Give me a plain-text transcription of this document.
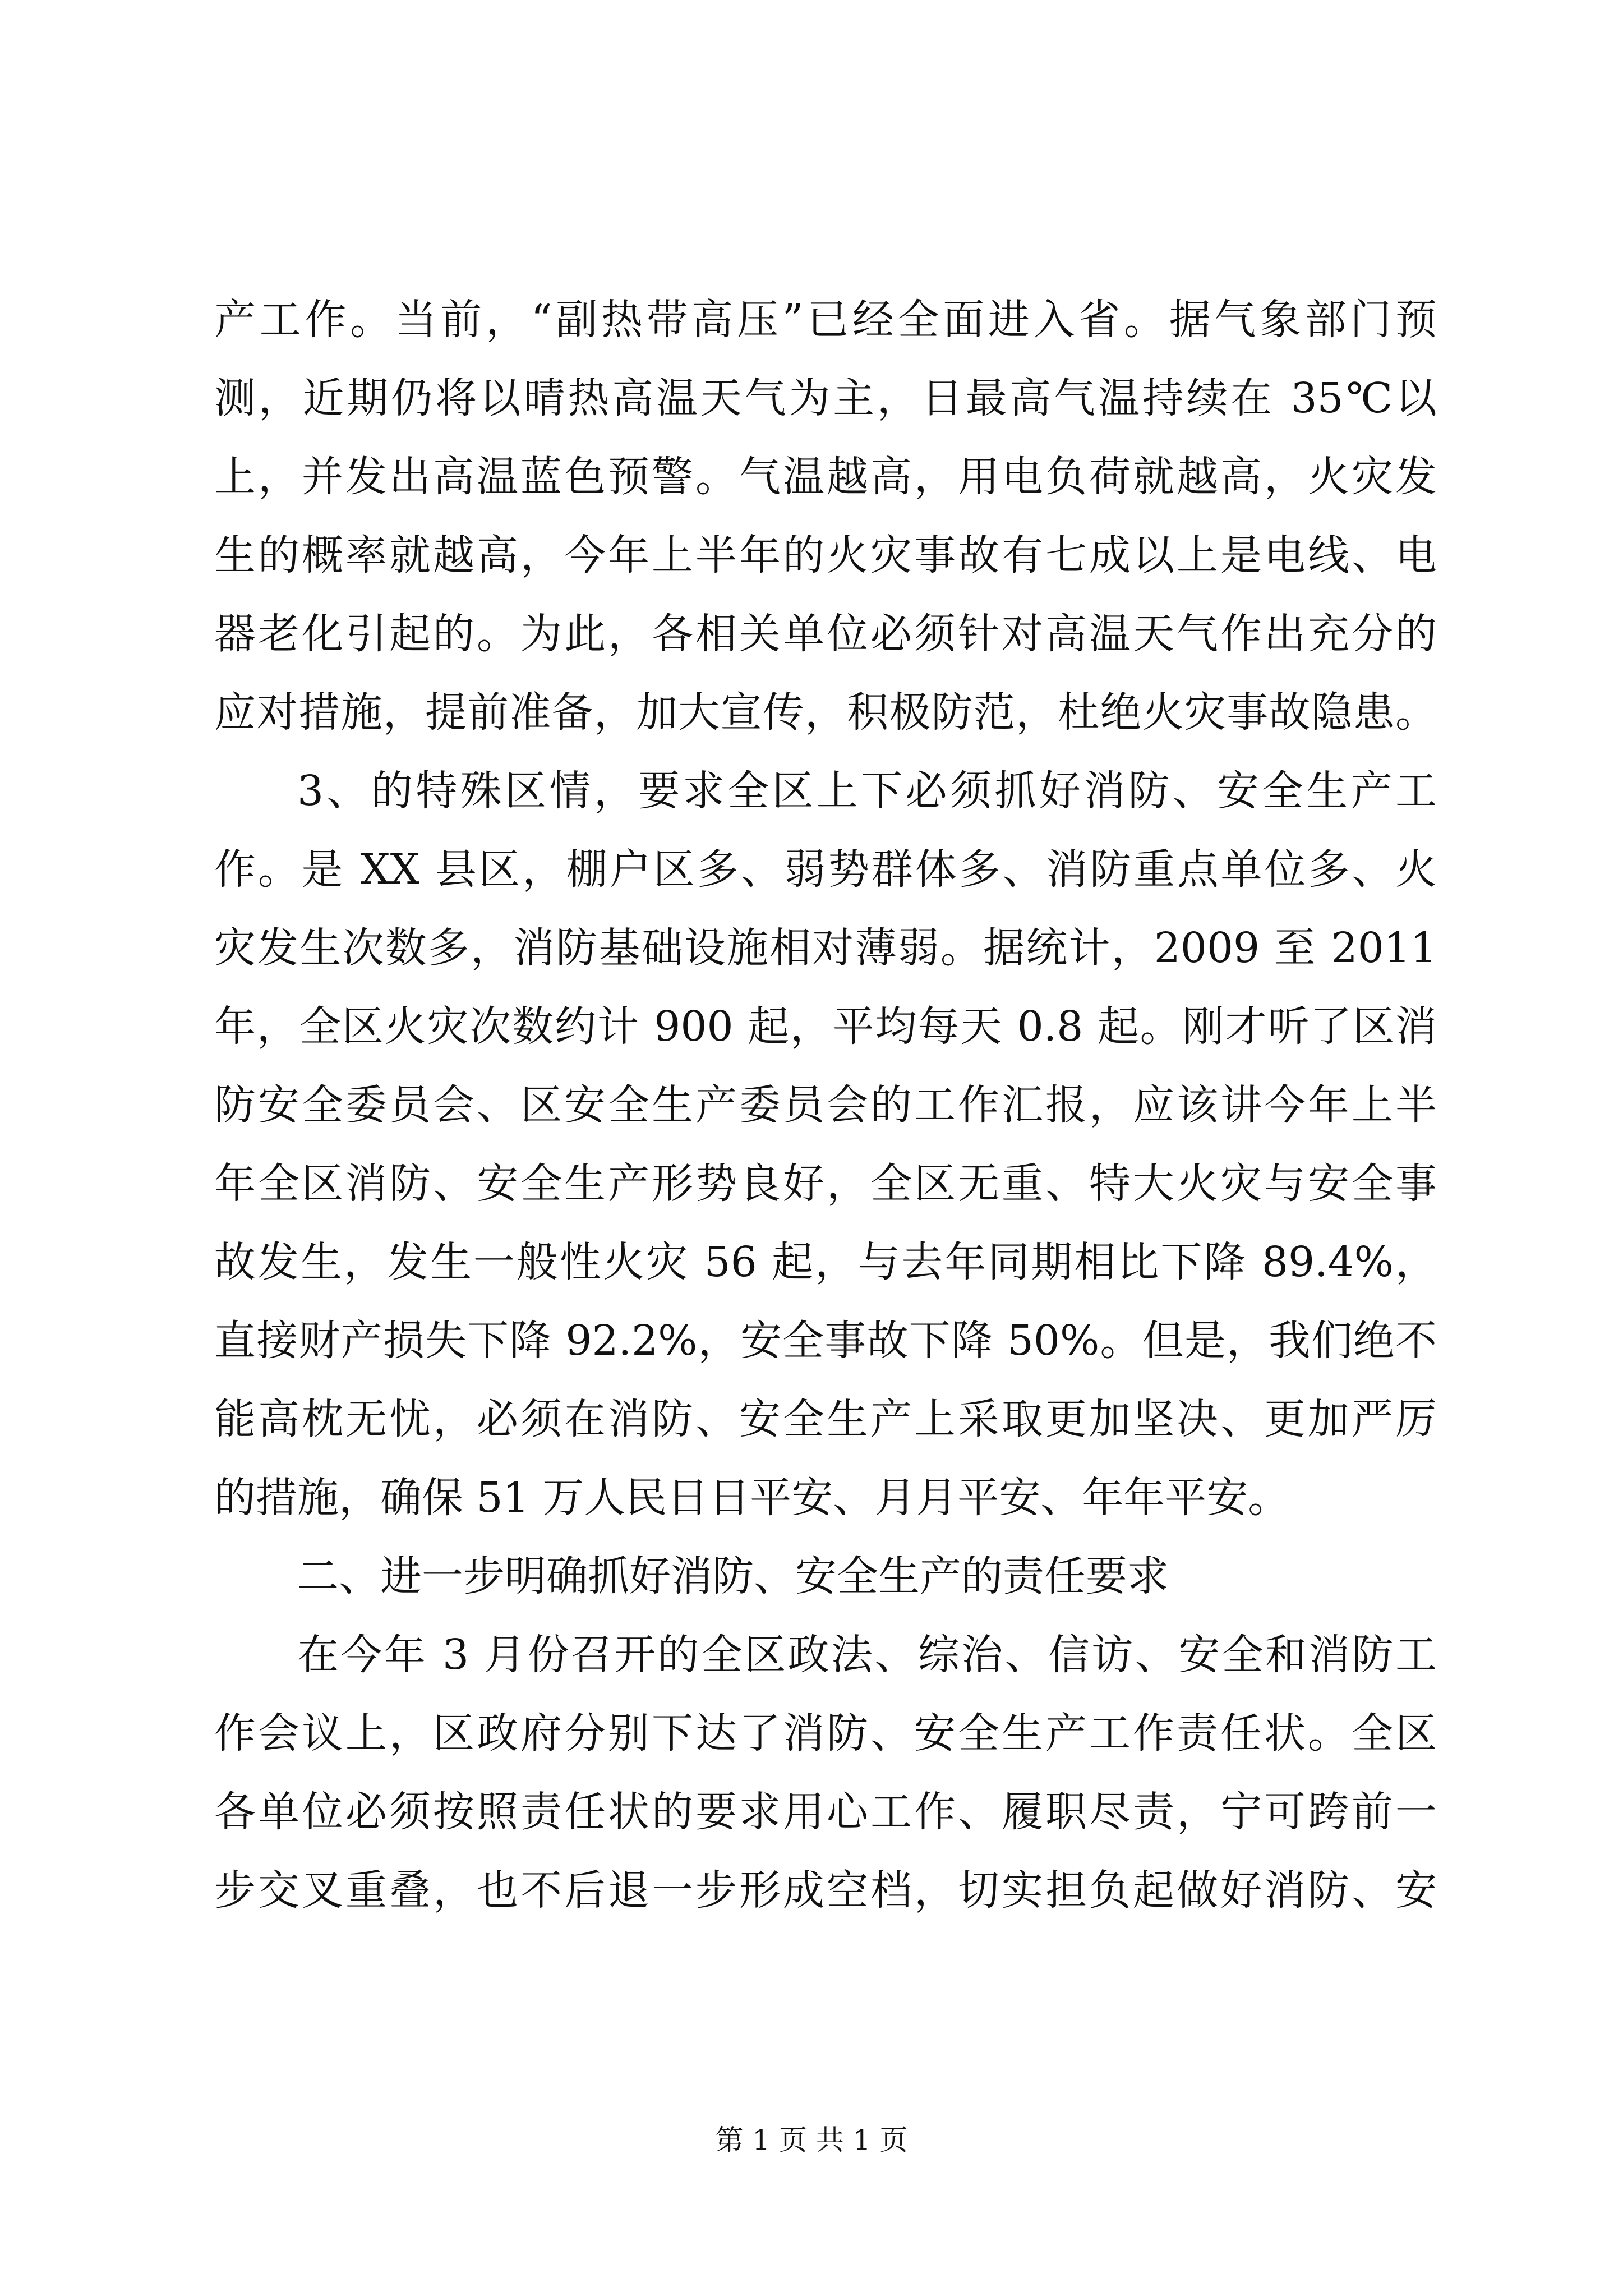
产工作。当前，“副热带高压”已经全面进入省。据气象部门预
测，近期仍将以晴热高温天气为主，日最高气温持续在 35℃以
上，并发出高温蓝色预警。气温越高，用电负荷就越高，火灾发
生的概率就越高，今年上半年的火灾事故有七成以上是电线、电
器老化引起的。为此，各相关单位必须针对高温天气作出充分的
应对措施，提前准备，加大宣传，积极防范，杜绝火灾事故隐患。
3、的特殊区情，要求全区上下必须抓好消防、安全生产工
作。是 XX 县区，棚户区多、弱势群体多、消防重点单位多、火
灾发生次数多，消防基础设施相对薄弱。据统计，2009 至 2011
年，全区火灾次数约计 900 起，平均每天 0.8 起。刚才听了区消
防安全委员会、区安全生产委员会的工作汇报，应该讲今年上半
年全区消防、安全生产形势良好，全区无重、特大火灾与安全事
故发生，发生一般性火灾 56 起，与去年同期相比下降 89.4%，
直接财产损失下降 92.2%，安全事故下降 50%。但是，我们绝不
能高枕无忧，必须在消防、安全生产上采取更加坚决、更加严厉
的措施，确保 51 万人民日日平安、月月平安、年年平安。
二、进一步明确抓好消防、安全生产的责任要求
在今年 3 月份召开的全区政法、综治、信访、安全和消防工
作会议上，区政府分别下达了消防、安全生产工作责任状。全区
各单位必须按照责任状的要求用心工作、履职尽责，宁可跨前一
步交叉重叠，也不后退一步形成空档，切实担负起做好消防、安
第 1 页 共 1 页
